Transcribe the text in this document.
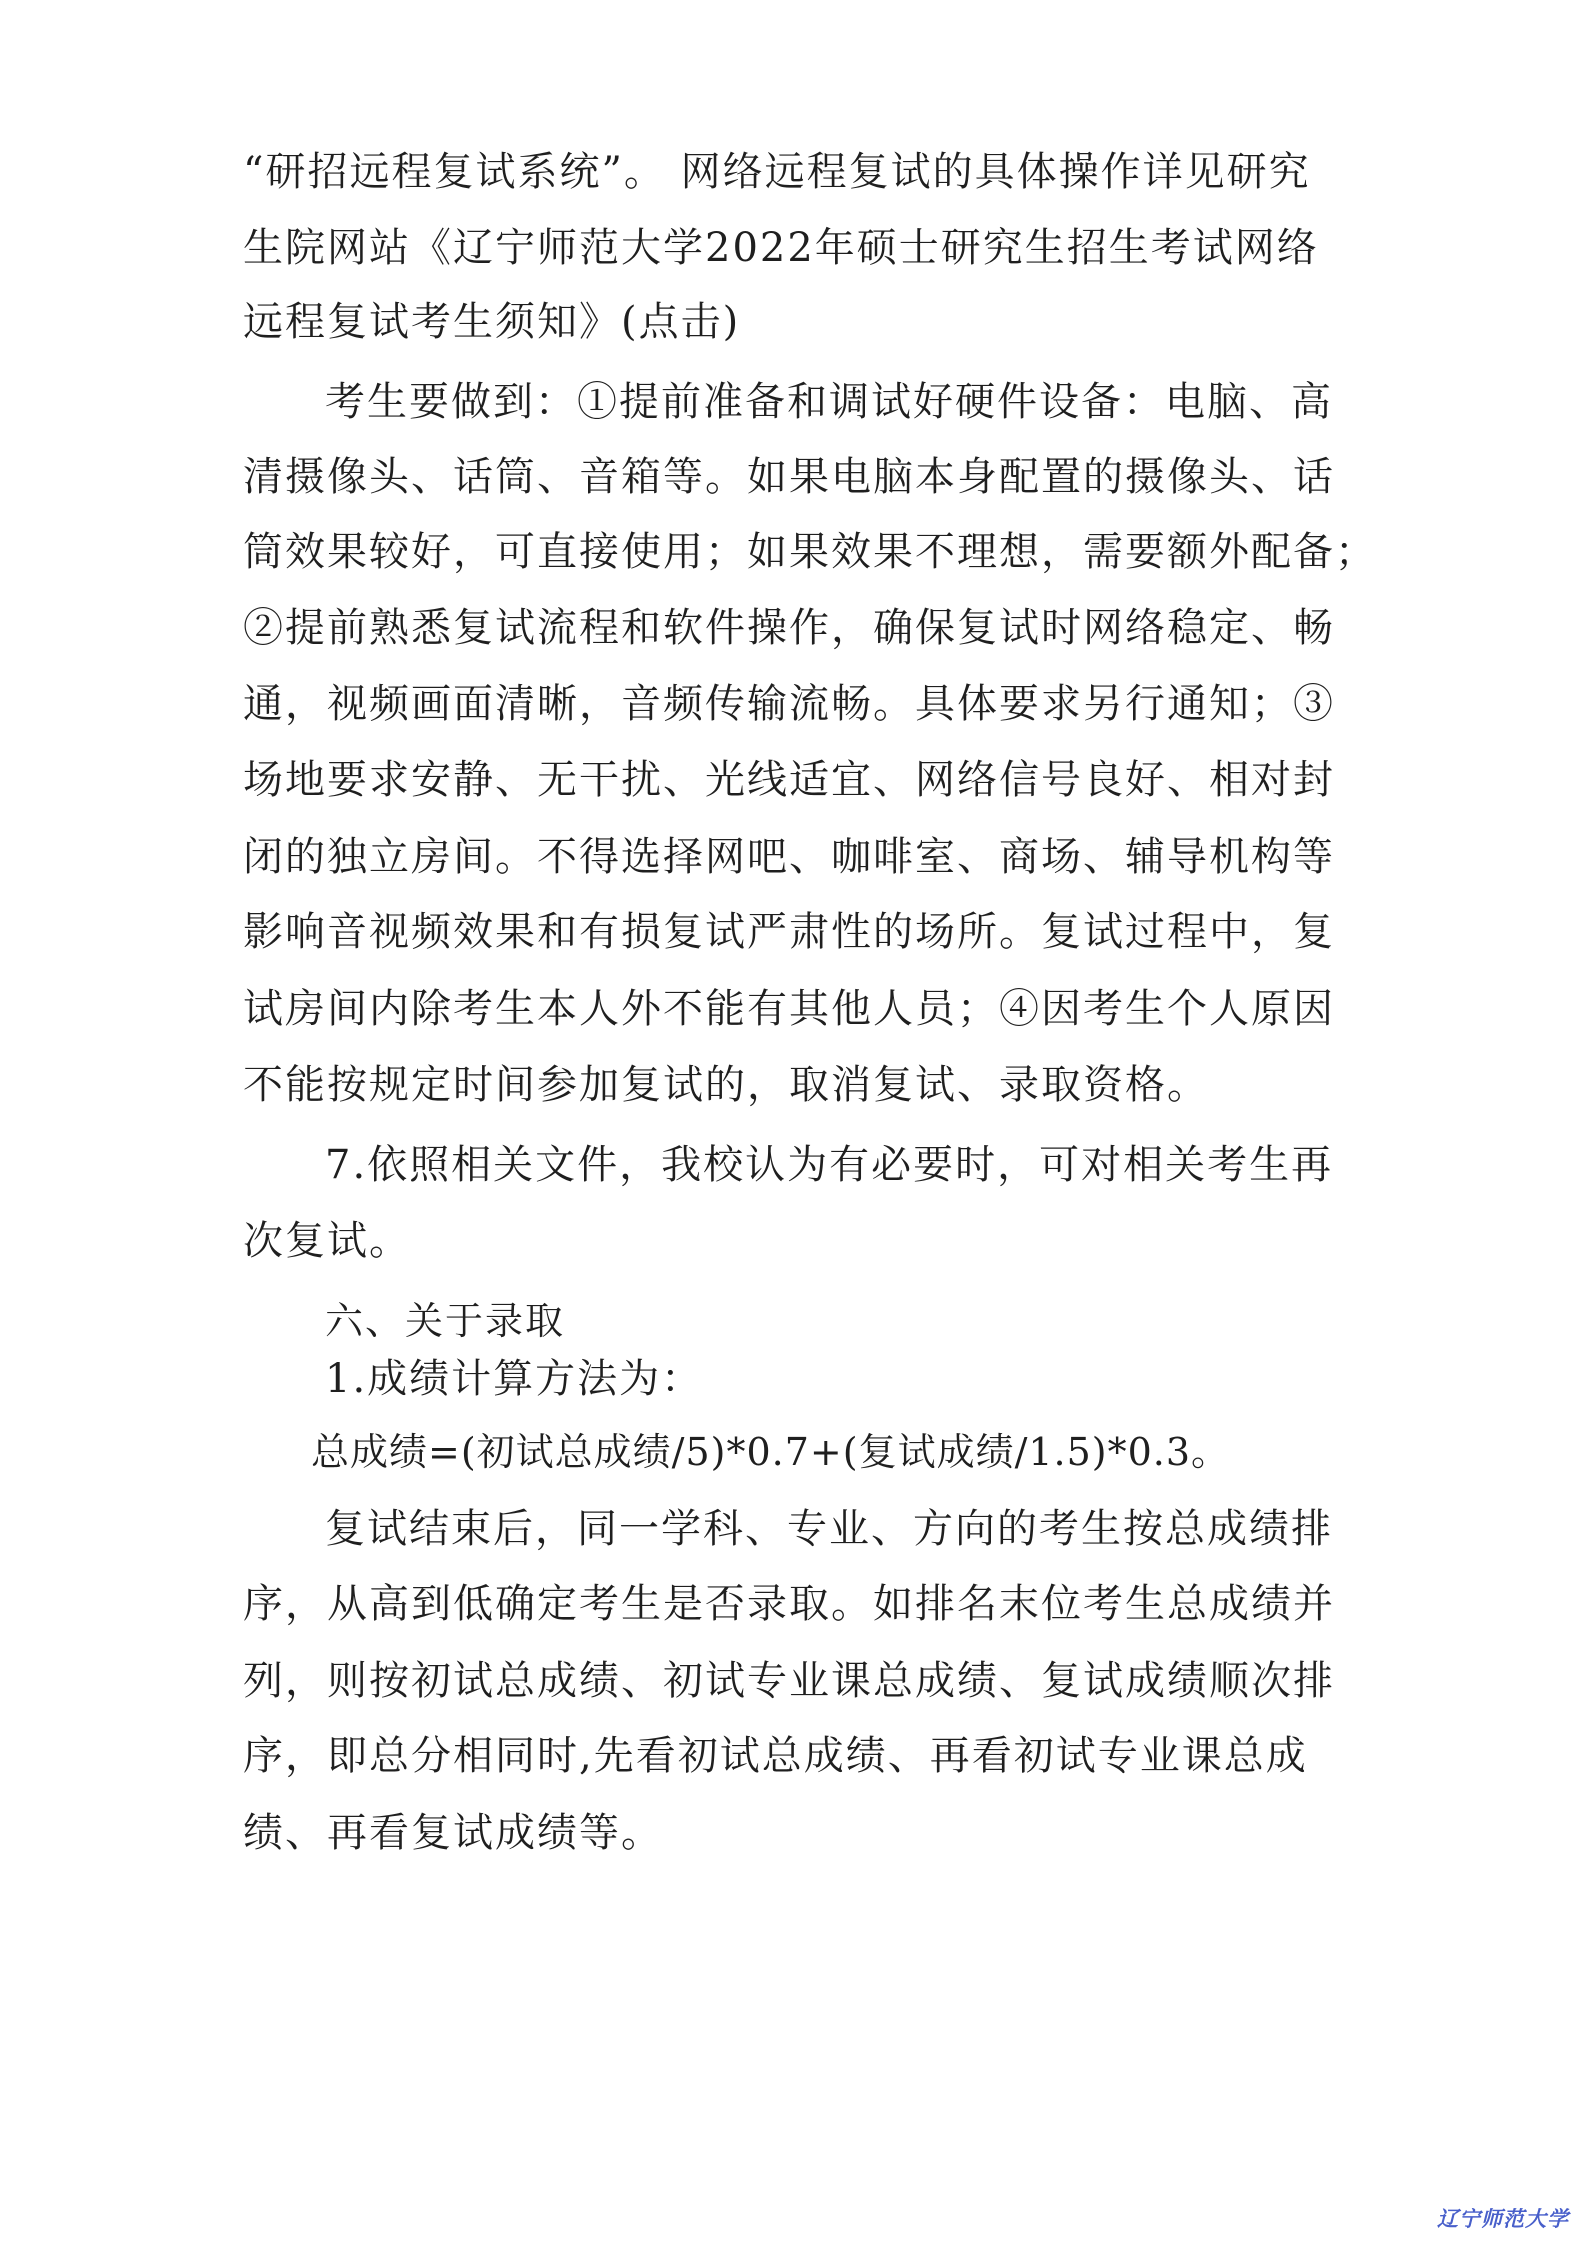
“研招远程复试系统”。 网络远程复试的具体操作详见研究
生院网站《辽宁师范大学2022年硕士研究生招生考试网络
远程复试考生须知》(点击)
考生要做到：①提前准备和调试好硬件设备：电脑、高
清摄像头、话筒、音箱等。如果电脑本身配置的摄像头、话
筒效果较好，可直接使用；如果效果不理想，需要额外配备；
②提前熟悉复试流程和软件操作，确保复试时网络稳定、畅
通，视频画面清晰，音频传输流畅。具体要求另行通知；③
场地要求安静、无干扰、光线适宜、网络信号良好、相对封
闭的独立房间。不得选择网吧、咖啡室、商场、辅导机构等
影响音视频效果和有损复试严肃性的场所。复试过程中，复
试房间内除考生本人外不能有其他人员；④因考生个人原因
不能按规定时间参加复试的，取消复试、录取资格。
7.依照相关文件，我校认为有必要时，可对相关考生再
次复试。
六、关于录取
1.成绩计算方法为：
总成绩=(初试总成绩/5)*0.7+(复试成绩/1.5)*0.3。
复试结束后，同一学科、专业、方向的考生按总成绩排
序，从高到低确定考生是否录取。如排名末位考生总成绩并
列，则按初试总成绩、初试专业课总成绩、复试成绩顺次排
序，即总分相同时,先看初试总成绩、再看初试专业课总成
绩、再看复试成绩等。
辽宁师范大学
